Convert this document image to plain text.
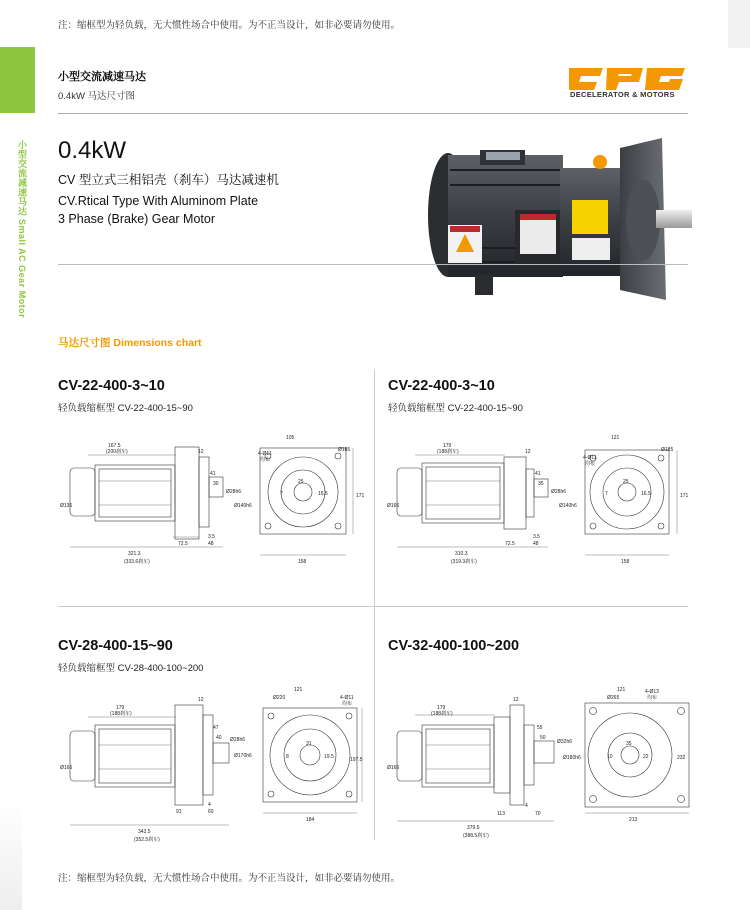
小型交流减速马达 Small AC Gear Motor
注：缩框型为轻负载，无大惯性场合中使用。为不正当设计，如非必要请勿使用。
小型交流减速马达
0.4kW 马达尺寸图	DECELERATOR & MOTORS
0.4kW
CV 型立式三相铝壳（刹车）马达减速机
CV.Rtical Type With Aluminom Plate
3 Phase (Brake) Gear Motor
马达尺寸图 Dimensions chart
CV-22-400-3~10
轻负载缩框型 CV-22-400-15~90
167.5
(200刹车)
321.3
(333.6刹车)
72.5	48
3.5
12
41
30
Ø28h6
Ø140h6
Ø136
105
4-Ø11
均布
Ø185
25
7	16.5	171
158
CV-22-400-3~10
轻负载缩框型 CV-22-400-15~90
179
(188刹车)
310.3
(319.3刹车)
72.5	48
3.5
12
41
35
Ø28h6
Ø140h6
Ø166
121
4-Ø11
均布
Ø185
25
7	16.5	171
158
CV-28-400-15~90
轻负载缩框型 CV-28-400-100~200
179
(188刹车)
343.5
(352.5刹车)
91	60
4
12
47
40 Ø28h6
Ø170h6
Ø166
121
4-Ø11
均布
Ø220
31
8	19.5	197.5
184
CV-32-400-100~200
179
(188刹车)
379.5
(388.5刹车)
113	70
4
12
55
50
Ø32h6
Ø180h6
Ø166
121	4-Ø13
均布
Ø265
35
10	22	232
213
注：缩框型为轻负载，无大惯性场合中使用。为不正当设计，如非必要请勿使用。
